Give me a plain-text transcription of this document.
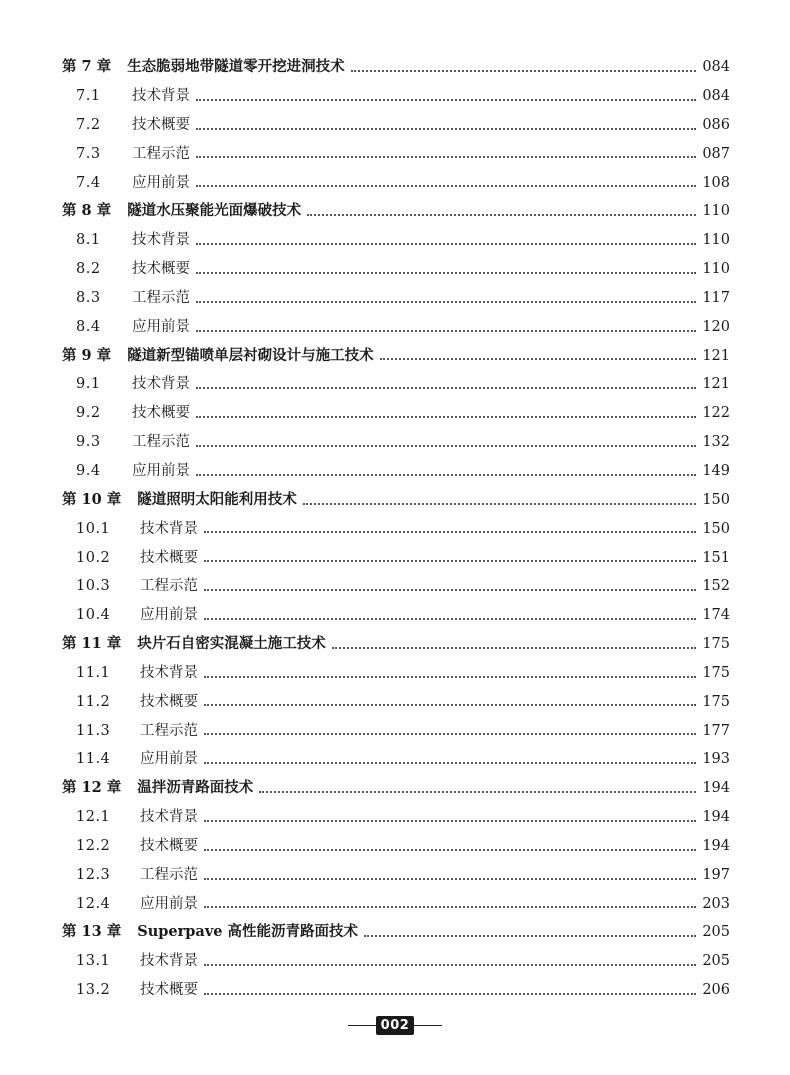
第 7 章 生态脆弱地带隧道零开挖进洞技术	084
7.1	技术背景	084
7.2	技术概要	086
7.3	工程示范	087
7.4	应用前景	108
第 8 章 隧道水压聚能光面爆破技术	110
8.1	技术背景	110
8.2	技术概要	110
8.3	工程示范	117
8.4	应用前景	120
第 9 章 隧道新型锚喷单层衬砌设计与施工技术	121
9.1	技术背景	121
9.2	技术概要	122
9.3	工程示范	132
9.4	应用前景	149
第 10 章 隧道照明太阳能利用技术	150
10.1	技术背景	150
10.2	技术概要	151
10.3	工程示范	152
10.4	应用前景	174
第 11 章 块片石自密实混凝土施工技术	175
11.1	技术背景	175
11.2	技术概要	175
11.3	工程示范	177
11.4	应用前景	193
第 12 章 温拌沥青路面技术	194
12.1	技术背景	194
12.2	技术概要	194
12.3	工程示范	197
12.4	应用前景	203
第 13 章 Superpave 高性能沥青路面技术	205
13.1	技术背景	205
13.2	技术概要	206
002
